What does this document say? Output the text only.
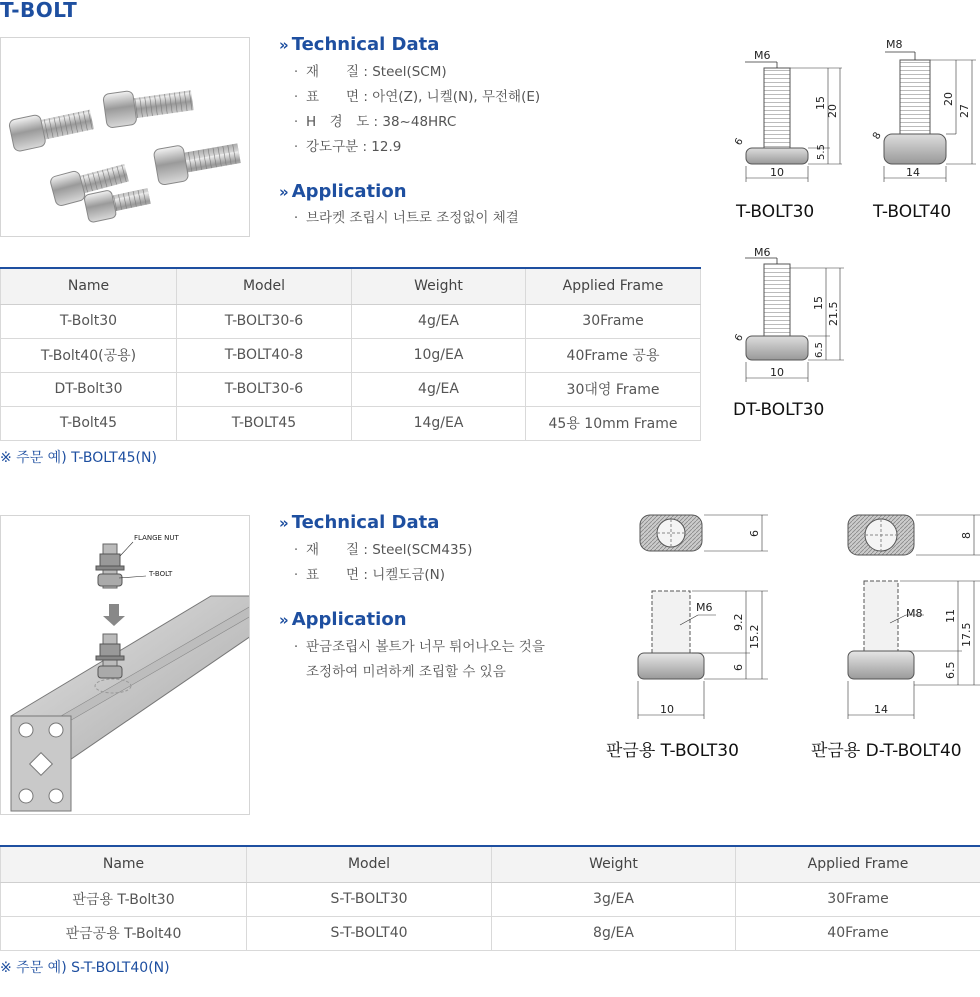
T-BOLT
» Technical Data
· 재　　질 : Steel(SCM)
· 표　　면 : 아연(Z), 니켈(N), 무전해(E)
· H　경　도 : 38~48HRC
· 강도구분 : 12.9
» Application
· 브라켓 조립시 너트로 조정없이 체결
M6
15
20
5.5
6
10
M8
20
27
8
14
T-BOLT30	T-BOLT40
M6
15 21.5
6.5
6
10
DT-BOLT30
Name	Model	Weight	Applied Frame
T-Bolt30	T-BOLT30-6	4g/EA	30Frame
T-Bolt40(공용)	T-BOLT40-8	10g/EA	40Frame 공용
DT-Bolt30	T-BOLT30-6	4g/EA	30대영 Frame
T-Bolt45	T-BOLT45	14g/EA	45용 10mm Frame
※ 주문 예) T-BOLT45(N)
FLANGE NUT
T-BOLT
» Technical Data
· 재　　질 : Steel(SCM435)
· 표　　면 : 니켈도금(N)
» Application
· 판금조립시 볼트가 너무 튀어나오는 것을
조정하여 미려하게 조립할 수 있음
6
M6
9.2
15.2
6
10
8
M8 11
17.5
6.5
14
판금용 T-BOLT30	판금용 D-T-BOLT40
Name	Model	Weight	Applied Frame
판금용 T-Bolt30	S-T-BOLT30	3g/EA	30Frame
판금공용 T-Bolt40	S-T-BOLT40	8g/EA	40Frame
※ 주문 예) S-T-BOLT40(N)
